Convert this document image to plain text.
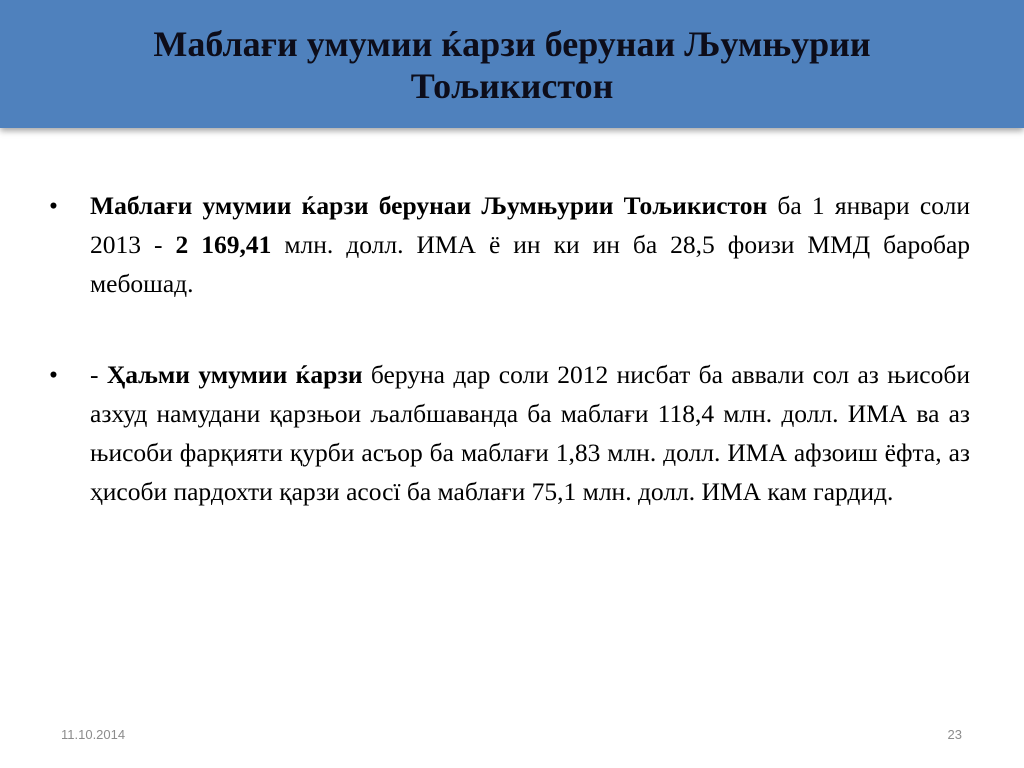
Маблағи умумии ќарзи берунаи Љумњурии
Тољикистон
• Маблағи умумии ќарзи берунаи Љумњурии Тољикистон ба 1 январи соли 2013 - 2 169,41 млн. долл. ИМА ё ин ки ин ба 28,5 фоизи ММД баробар мебошад.
• - Ҳаљми умумии ќарзи беруна дар соли 2012 нисбат ба аввали сол аз њисоби азхуд намудани қарзњои љалбшаванда ба маблағи 118,4 млн. долл. ИМА ва аз њисоби фарқияти қурби асъор ба маблағи 1,83 млн. долл. ИМА афзоиш ёфта, аз ҳисоби пардохти қарзи асосї ба маблағи 75,1 млн. долл. ИМА кам гардид.
11.10.2014	23
